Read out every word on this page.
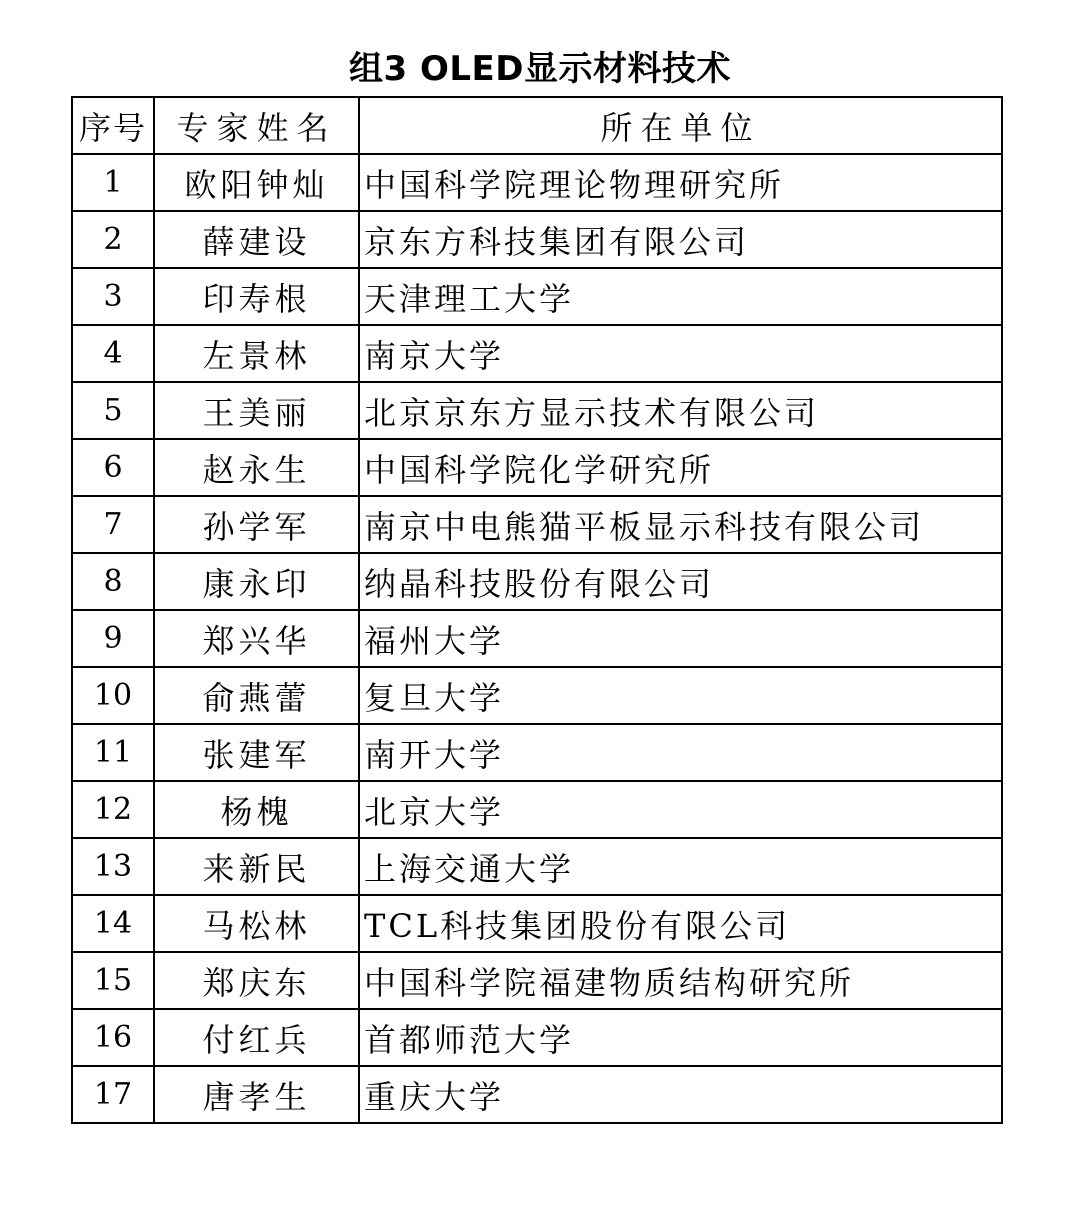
组3 OLED显示材料技术
序号	专家姓名	所在单位
1	欧阳钟灿	中国科学院理论物理研究所
2	薛建设	京东方科技集团有限公司
3	印寿根	天津理工大学
4	左景林	南京大学
5	王美丽	北京京东方显示技术有限公司
6	赵永生	中国科学院化学研究所
7	孙学军	南京中电熊猫平板显示科技有限公司
8	康永印	纳晶科技股份有限公司
9	郑兴华	福州大学
10	俞燕蕾	复旦大学
11	张建军	南开大学
12	杨槐	北京大学
13	来新民	上海交通大学
14	马松林	TCL科技集团股份有限公司
15	郑庆东	中国科学院福建物质结构研究所
16	付红兵	首都师范大学
17	唐孝生	重庆大学
